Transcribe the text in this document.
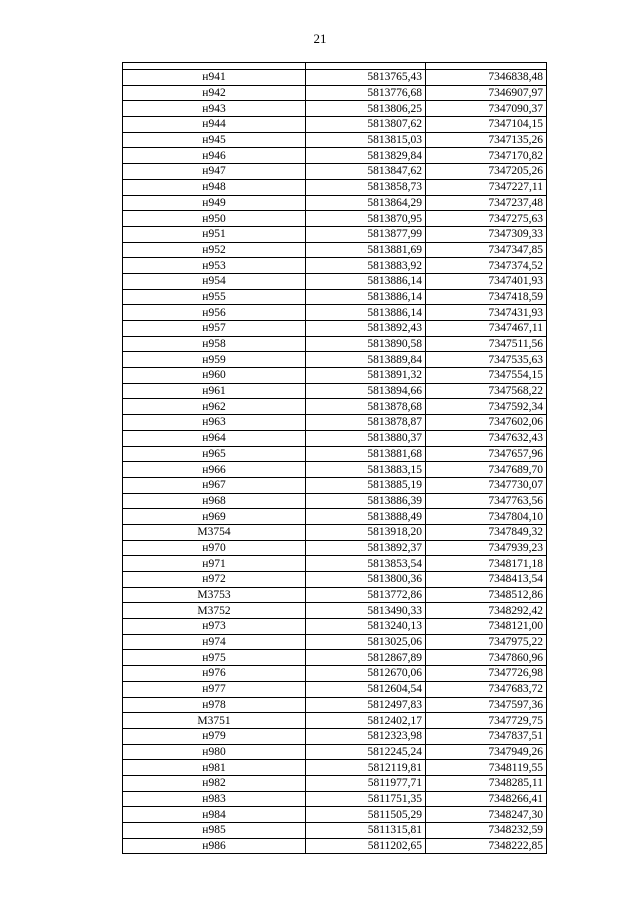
21

н941	5813765,43	7346838,48
н942	5813776,68	7346907,97
н943	5813806,25	7347090,37
н944	5813807,62	7347104,15
н945	5813815,03	7347135,26
н946	5813829,84	7347170,82
н947	5813847,62	7347205,26
н948	5813858,73	7347227,11
н949	5813864,29	7347237,48
н950	5813870,95	7347275,63
н951	5813877,99	7347309,33
н952	5813881,69	7347347,85
н953	5813883,92	7347374,52
н954	5813886,14	7347401,93
н955	5813886,14	7347418,59
н956	5813886,14	7347431,93
н957	5813892,43	7347467,11
н958	5813890,58	7347511,56
н959	5813889,84	7347535,63
н960	5813891,32	7347554,15
н961	5813894,66	7347568,22
н962	5813878,68	7347592,34
н963	5813878,87	7347602,06
н964	5813880,37	7347632,43
н965	5813881,68	7347657,96
н966	5813883,15	7347689,70
н967	5813885,19	7347730,07
н968	5813886,39	7347763,56
н969	5813888,49	7347804,10
М3754	5813918,20	7347849,32
н970	5813892,37	7347939,23
н971	5813853,54	7348171,18
н972	5813800,36	7348413,54
М3753	5813772,86	7348512,86
М3752	5813490,33	7348292,42
н973	5813240,13	7348121,00
н974	5813025,06	7347975,22
н975	5812867,89	7347860,96
н976	5812670,06	7347726,98
н977	5812604,54	7347683,72
н978	5812497,83	7347597,36
М3751	5812402,17	7347729,75
н979	5812323,98	7347837,51
н980	5812245,24	7347949,26
н981	5812119,81	7348119,55
н982	5811977,71	7348285,11
н983	5811751,35	7348266,41
н984	5811505,29	7348247,30
н985	5811315,81	7348232,59
н986	5811202,65	7348222,85
